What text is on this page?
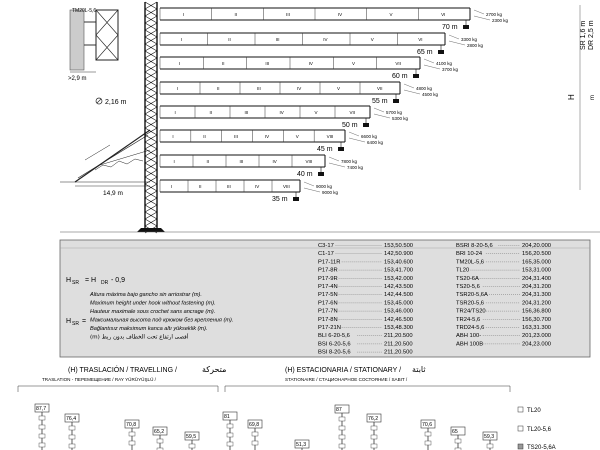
TM20L-5,6
>2,9 m
2,16 m
14,9 m
I	II	III	IV	V	VI
70 m
2700 kg
2300 kg
I	II	III	IV	V	VI
65 m
3300 kg
2800 kg
I	II	III	IV	V	VII
60 m
4100 kg
3700 kg
I	II	III	IV	V	VII
55 m
4800 kg
4500 kg
I	II	III	IV	V	VII
50 m
5700 kg
5300 kg
I	II	III	IV	V	VIII
45 m
6600 kg
6400 kg
I	II	III	IV	VIII
40 m
7800 kg
7400 kg
I	II	III	IV	VIII
35 m
9000 kg
9000 kg
SR 1,6 m DR 2,5 m
H m
H SR = H DR - 0,9
H SR =
Altura máxima bajo gancho sin arriostrar (m).
Maximum height under hook without fastening (m).
Hauteur maximale sous crochet sans ancrage (m).
Максимальная высота под крюком без крепления (m).
Bağlantısız maksimum kanca altı yükseklik (m).
(m) أقصى ارتفاع تحت الخطاف بدون ربط
C3-17	153,50.500
C1-17	142,50.900
P17-11R	153,40.600
P17-8R	153,41.700
P17-9R	153,42.000
P17-4N	142,43.500
P17-5N	142,44.500
P17-6N	153,45.000
P17-7N	153,46.000
P17-8N	142,46.500
P17-21N	153,48.300
BLI 6-20-5,6	211,20.500
BSI 6-20-5,6	211,20.500
BSI 8-20-5,6	211,20.500
BSRI 8-20-5,6	204,20.000
BRI 10-24	156,20.500
TM20L-5,6	165,35.000
TL20	153,31.000
TS20-6A	204,31.400
TS20-5,6	204,31.200
TSR20-5,6A	204,31.300
TSR20-5,6	204,31.200
TR24/TS20	156,36.800
TR24-5,6	156,30.700
TRD24-5,6	163,31.300
ABH 100-	201,23.000
ABH 100B	204,23.000
(H) TRASLACIÓN / TRAVELLING /	متحركة
TRASLATION - ПЕРЕМЕЩЕНИЕ / RAY YÜRÜYÜŞLÜ /
(H) ESTACIONARIA / STATIONARY / ثابتة
STATIONAIRE / СТАЦИОНАРНОЕ СОСТОЯНИЕ / SABIT /
87,7
76,4
70,8
65,2
59,5
81
69,8
51,3
87
76,2
70,6
65
59,3
TL20
TL20-5,6
TS20-5,6A
